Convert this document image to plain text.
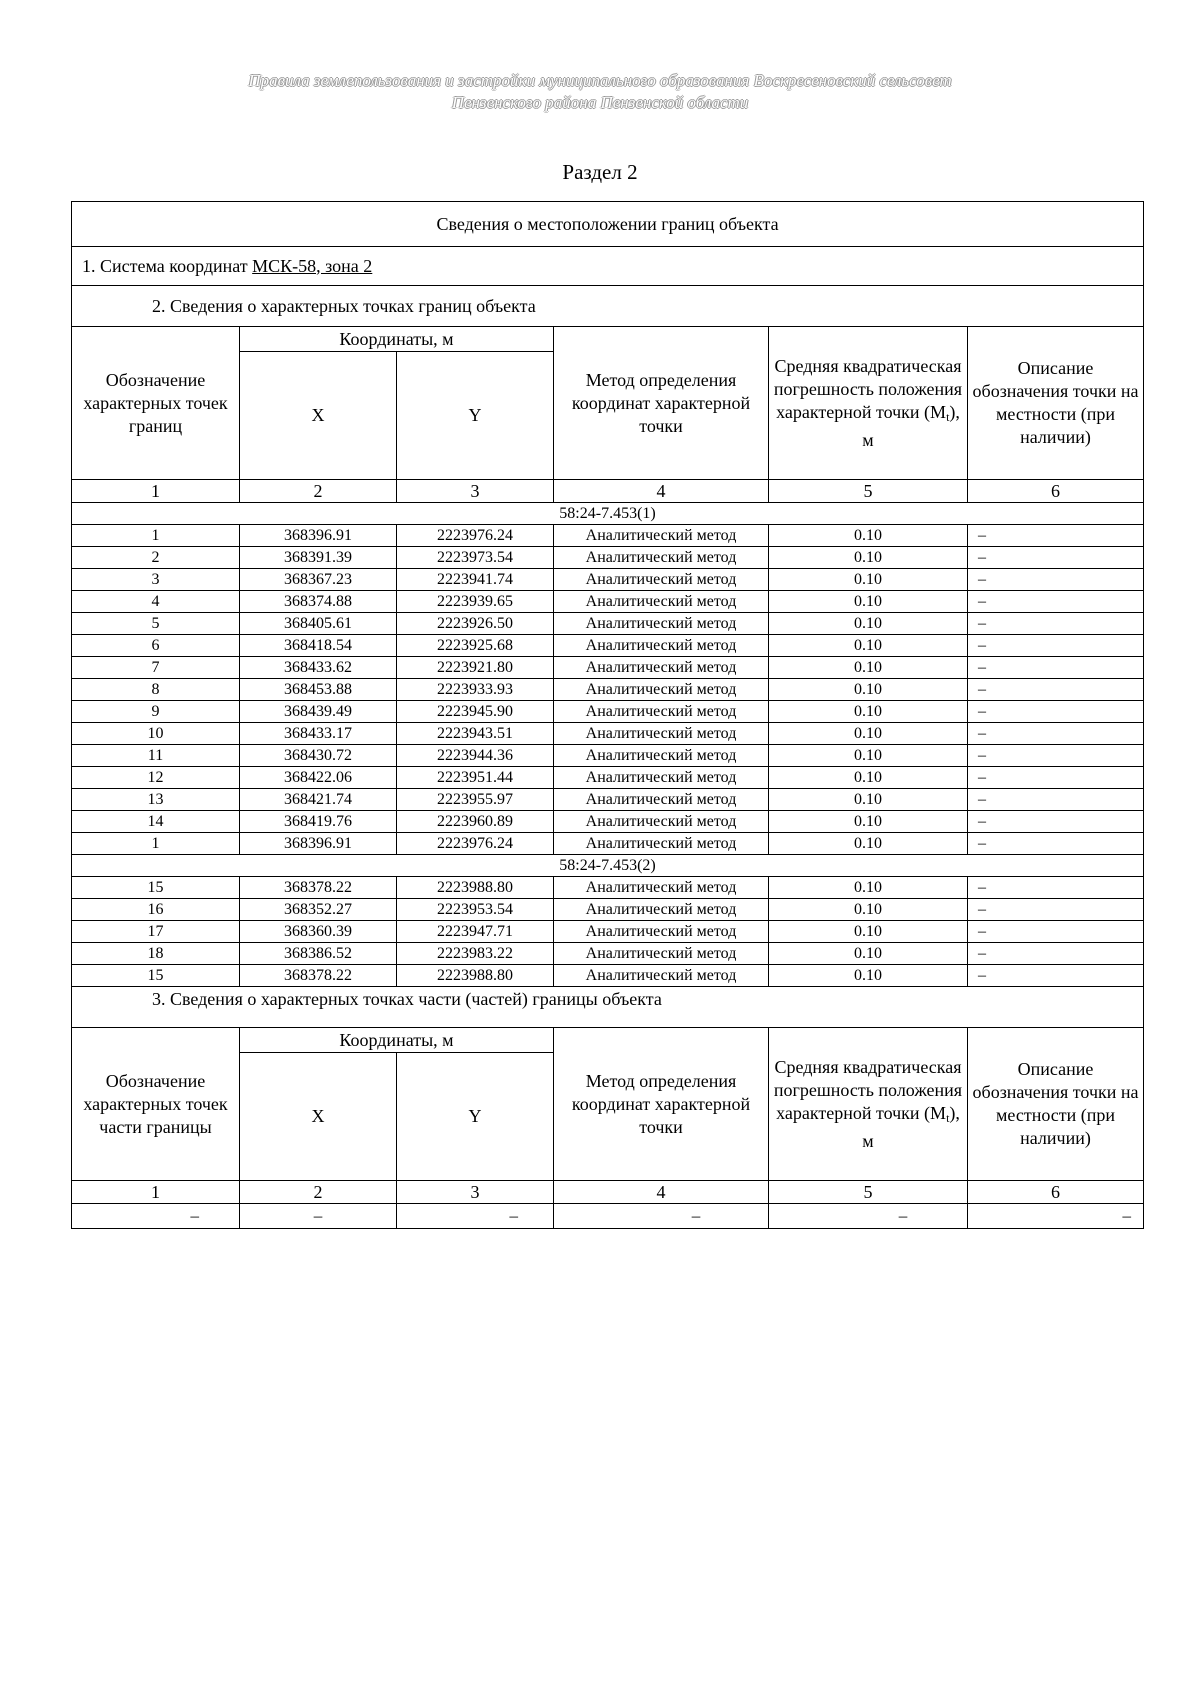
Правила землепользования и застройки муниципального образования Воскресеновский сельсовет
Пензенского района Пензенской области
Раздел 2
Сведения о местоположении границ объекта					
1. Система координат МСК-58, зона 2					
2. Сведения о характерных точках границ объекта					
Обозначение характерных точек границ	Координаты, м		Метод определения координат характерной точки	Средняя квадратическая погрешность положения характерной точки $(M_t)$, м	Описание обозначения точки на местности (при наличии)
	X	Y			
1	2	3	4	5	6
58:24-7.453(1)					
1	368396.91	2223976.24	Аналитический метод	0.10	–
2	368391.39	2223973.54	Аналитический метод	0.10	–
3	368367.23	2223941.74	Аналитический метод	0.10	–
4	368374.88	2223939.65	Аналитический метод	0.10	–
5	368405.61	2223926.50	Аналитический метод	0.10	–
6	368418.54	2223925.68	Аналитический метод	0.10	–
7	368433.62	2223921.80	Аналитический метод	0.10	–
8	368453.88	2223933.93	Аналитический метод	0.10	–
9	368439.49	2223945.90	Аналитический метод	0.10	–
10	368433.17	2223943.51	Аналитический метод	0.10	–
11	368430.72	2223944.36	Аналитический метод	0.10	–
12	368422.06	2223951.44	Аналитический метод	0.10	–
13	368421.74	2223955.97	Аналитический метод	0.10	–
14	368419.76	2223960.89	Аналитический метод	0.10	–
1	368396.91	2223976.24	Аналитический метод	0.10	–
58:24-7.453(2)					
15	368378.22	2223988.80	Аналитический метод	0.10	–
16	368352.27	2223953.54	Аналитический метод	0.10	–
17	368360.39	2223947.71	Аналитический метод	0.10	–
18	368386.52	2223983.22	Аналитический метод	0.10	–
15	368378.22	2223988.80	Аналитический метод	0.10	–
3. Сведения о характерных точках части (частей) границы объекта					
Обозначение характерных точек части границы	Координаты, м		Метод определения координат характерной точки	Средняя квадратическая погрешность положения характерной точки $(M_t)$, м	Описание обозначения точки на местности (при наличии)
	X	Y			
1	2	3	4	5	6
–	–	–	–	–	–
